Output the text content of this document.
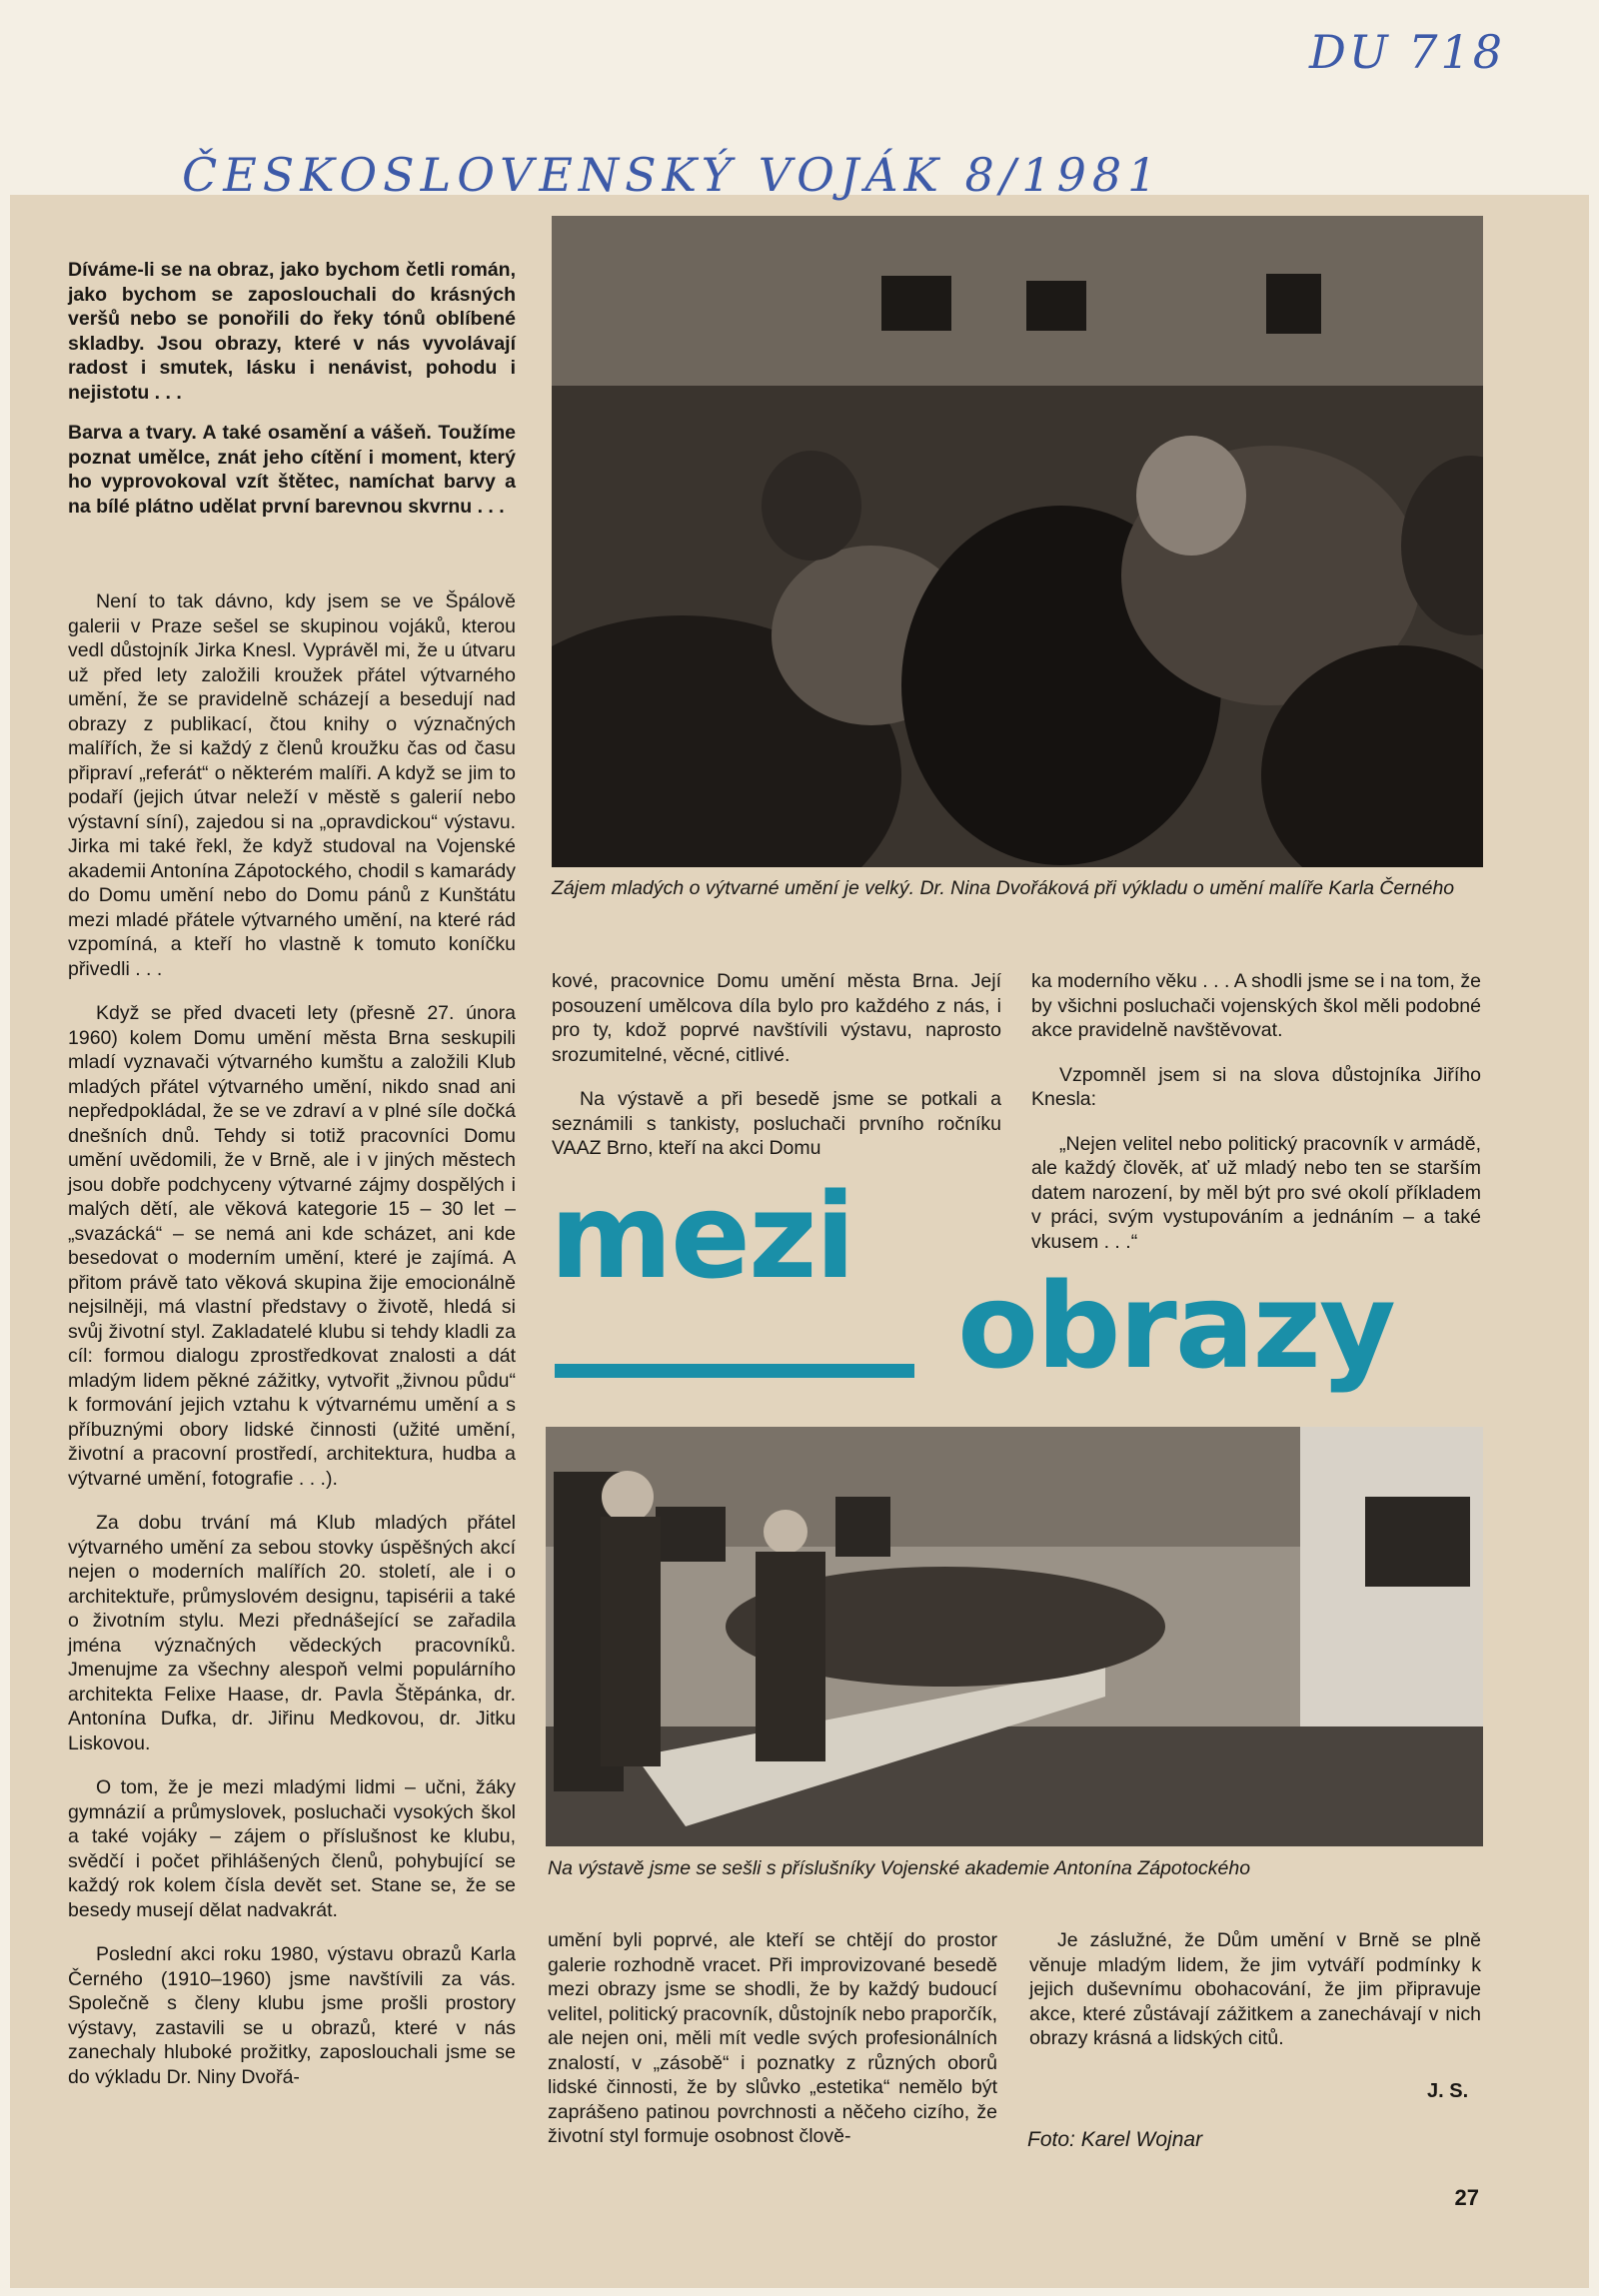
DU 718
ČESKOSLOVENSKÝ VOJÁK 8/1981

Díváme-li se na obraz, jako bychom četli román, jako bychom se zaposlouchali do krásných veršů nebo se ponořili do řeky tónů oblíbené skladby. Jsou obrazy, které v nás vyvolávají radost i smutek, lásku i nenávist, pohodu i nejistotu . . .

Barva a tvary. A také osamění a vášeň. Toužíme poznat umělce, znát jeho cítění i moment, který ho vyprovokoval vzít štětec, namíchat barvy a na bílé plátno udělat první barevnou skvrnu . . .

Není to tak dávno, kdy jsem se ve Špálově galerii v Praze sešel se skupinou vojáků, kterou vedl důstojník Jirka Knesl. Vyprávěl mi, že u útvaru už před lety založili kroužek přátel výtvarného umění, že se pravidelně scházejí a besedují nad obrazy z publikací, čtou knihy o význačných malířích, že si každý z členů kroužku čas od času připraví „referát“ o některém malíři. A když se jim to podaří (jejich útvar neleží v městě s galerií nebo výstavní síní), zajedou si na „opravdickou“ výstavu. Jirka mi také řekl, že když studoval na Vojenské akademii Antonína Zápotockého, chodil s kamarády do Domu umění nebo do Domu pánů z Kunštátu mezi mladé přátele výtvarného umění, na které rád vzpomíná, a kteří ho vlastně k tomuto koníčku přivedli . . .

Když se před dvaceti lety (přesně 27. února 1960) kolem Domu umění města Brna seskupili mladí vyznavači výtvarného kumštu a založili Klub mladých přátel výtvarného umění, nikdo snad ani nepředpokládal, že se ve zdraví a v plné síle dočká dnešních dnů. Tehdy si totiž pracovníci Domu umění uvědomili, že v Brně, ale i v jiných městech jsou dobře podchyceny výtvarné zájmy dospělých i malých dětí, ale věková kategorie 15 – 30 let – „svazácká“ – se nemá ani kde scházet, ani kde besedovat o moderním umění, které je zajímá. A přitom právě tato věková skupina žije emocionálně nejsilněji, má vlastní představy o životě, hledá si svůj životní styl. Zakladatelé klubu si tehdy kladli za cíl: formou dialogu zprostředkovat znalosti a dát mladým lidem pěkné zážitky, vytvořit „živnou půdu“ k formování jejich vztahu k výtvarnému umění a s příbuznými obory lidské činnosti (užité umění, životní a pracovní prostředí, architektura, hudba a výtvarné umění, fotografie . . .).

Za dobu trvání má Klub mladých přátel výtvarného umění za sebou stovky úspěšných akcí nejen o moderních malířích 20. století, ale i o architektuře, průmyslovém designu, tapisérii a také o životním stylu. Mezi přednášející se zařadila jména význačných vědeckých pracovníků. Jmenujme za všechny alespoň velmi populárního architekta Felixe Haase, dr. Pavla Štěpánka, dr. Antonína Dufka, dr. Jiřinu Medkovou, dr. Jitku Liskovou.

O tom, že je mezi mladými lidmi – učni, žáky gymnázií a průmyslovek, posluchači vysokých škol a také vojáky – zájem o příslušnost ke klubu, svědčí i počet přihlášených členů, pohybující se každý rok kolem čísla devět set. Stane se, že se besedy musejí dělat nadvakrát.

Poslední akci roku 1980, výstavu obrazů Karla Černého (1910–1960) jsme navštívili za vás. Společně s členy klubu jsme prošli prostory výstavy, zastavili se u obrazů, které v nás zanechaly hluboké prožitky, zaposlouchali jsme se do výkladu Dr. Niny Dvořá-

Zájem mladých o výtvarné umění je velký. Dr. Nina Dvořáková při výkladu o umění malíře Karla Černého

kové, pracovnice Domu umění města Brna. Její posouzení umělcova díla bylo pro každého z nás, i pro ty, kdož poprvé navštívili výstavu, naprosto srozumitelné, věcné, citlivé.

Na výstavě a při besedě jsme se potkali a seznámili s tankisty, posluchači prvního ročníku VAAZ Brno, kteří na akci Domu

ka moderního věku . . . A shodli jsme se i na tom, že by všichni posluchači vojenských škol měli podobné akce pravidelně navštěvovat.

Vzpomněl jsem si na slova důstojníka Jiřího Knesla:

„Nejen velitel nebo politický pracovník v armádě, ale každý člověk, ať už mladý nebo ten se starším datem narození, by měl být pro své okolí příkladem v práci, svým vystupováním a jednáním – a také vkusem . . .“

mezi
obrazy
Na výstavě jsme se sešli s příslušníky Vojenské akademie Antonína Zápotockého

umění byli poprvé, ale kteří se chtějí do prostor galerie rozhodně vracet. Při improvizované besedě mezi obrazy jsme se shodli, že by každý budoucí velitel, politický pracovník, důstojník nebo praporčík, ale nejen oni, měli mít vedle svých profesionálních znalostí, v „zásobě“ i poznatky z různých oborů lidské činnosti, že by slůvko „estetika“ nemělo být zaprášeno patinou povrchnosti a něčeho cizího, že životní styl formuje osobnost člově-

Je záslužné, že Dům umění v Brně se plně věnuje mladým lidem, že jim vytváří podmínky k jejich duševnímu obohacování, že jim připravuje akce, které zůstávají zážitkem a zanechávají v nich obrazy krásná a lidských citů.

J. S.
Foto: Karel Wojnar
27
